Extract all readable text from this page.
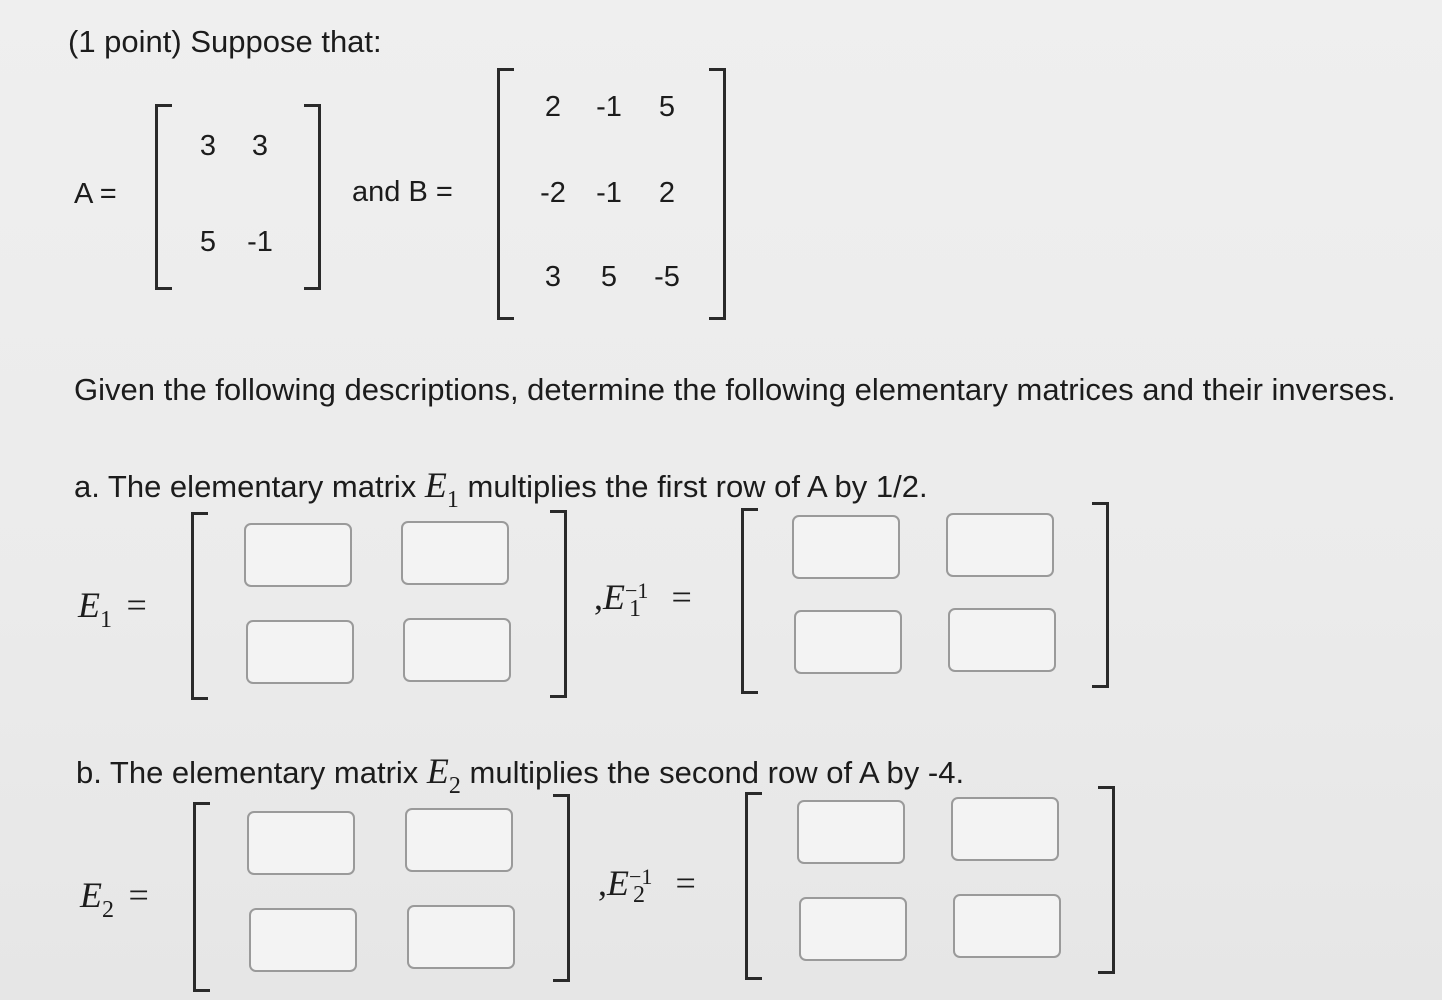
(1 point) Suppose that:
A =
3	3
5	-1
and B =
2	-1	5
-2	-1	2
3	5	-5
Given the following descriptions, determine the following elementary matrices and their inverses.
a. The elementary matrix $E_1$ multiplies the first row of A by 1/2.
E1 =	,E −1
1 =
b. The elementary matrix $E_2$ multiplies the second row of A by -4.
E2 =	,E −1
2 =
